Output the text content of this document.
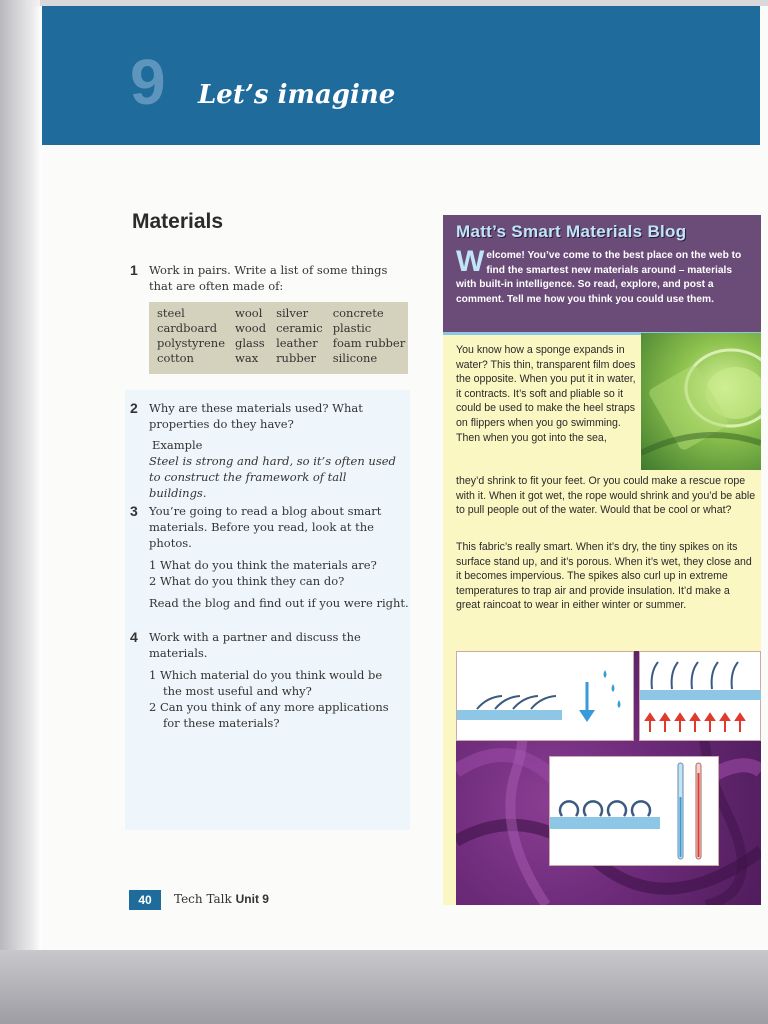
9 Let’s imagine
Materials
1 Work in pairs. Write a list of some things that are often made of:
steel	wool	silver	concrete
cardboard	wood	ceramic	plastic
polystyrene	glass	leather	foam rubber
cotton	wax	rubber	silicone
2 Why are these materials used? What properties do they have?
Example
Steel is strong and hard, so it’s often used to construct the framework of tall buildings.
3 You’re going to read a blog about smart materials. Before you read, look at the photos.
1 What do you think the materials are?
2 What do you think they can do?
Read the blog and find out if you were right.
4 Work with a partner and discuss the materials.
1 Which material do you think would be the most useful and why?
2 Can you think of any more applications for these materials?
40	Tech Talk Unit 9
Matt’s Smart Materials Blog
Welcome! You’ve come to the best place on the web to find the smartest new materials around – materials with built-in intelligence. So read, explore, and post a comment. Tell me how you think you could use them.
You know how a sponge expands in water? This thin, transparent film does the opposite. When you put it in water, it contracts. It’s soft and pliable so it could be used to make the heel straps on flippers when you go swimming. Then when you got into the sea,
they’d shrink to fit your feet. Or you could make a rescue rope with it. When it got wet, the rope would shrink and you’d be able to pull people out of the water. Would that be cool or what?
This fabric’s really smart. When it’s dry, the tiny spikes on its surface stand up, and it’s porous. When it’s wet, they close and it becomes impervious. The spikes also curl up in extreme temperatures to trap air and provide insulation. It’d make a great raincoat to wear in either winter or summer.
